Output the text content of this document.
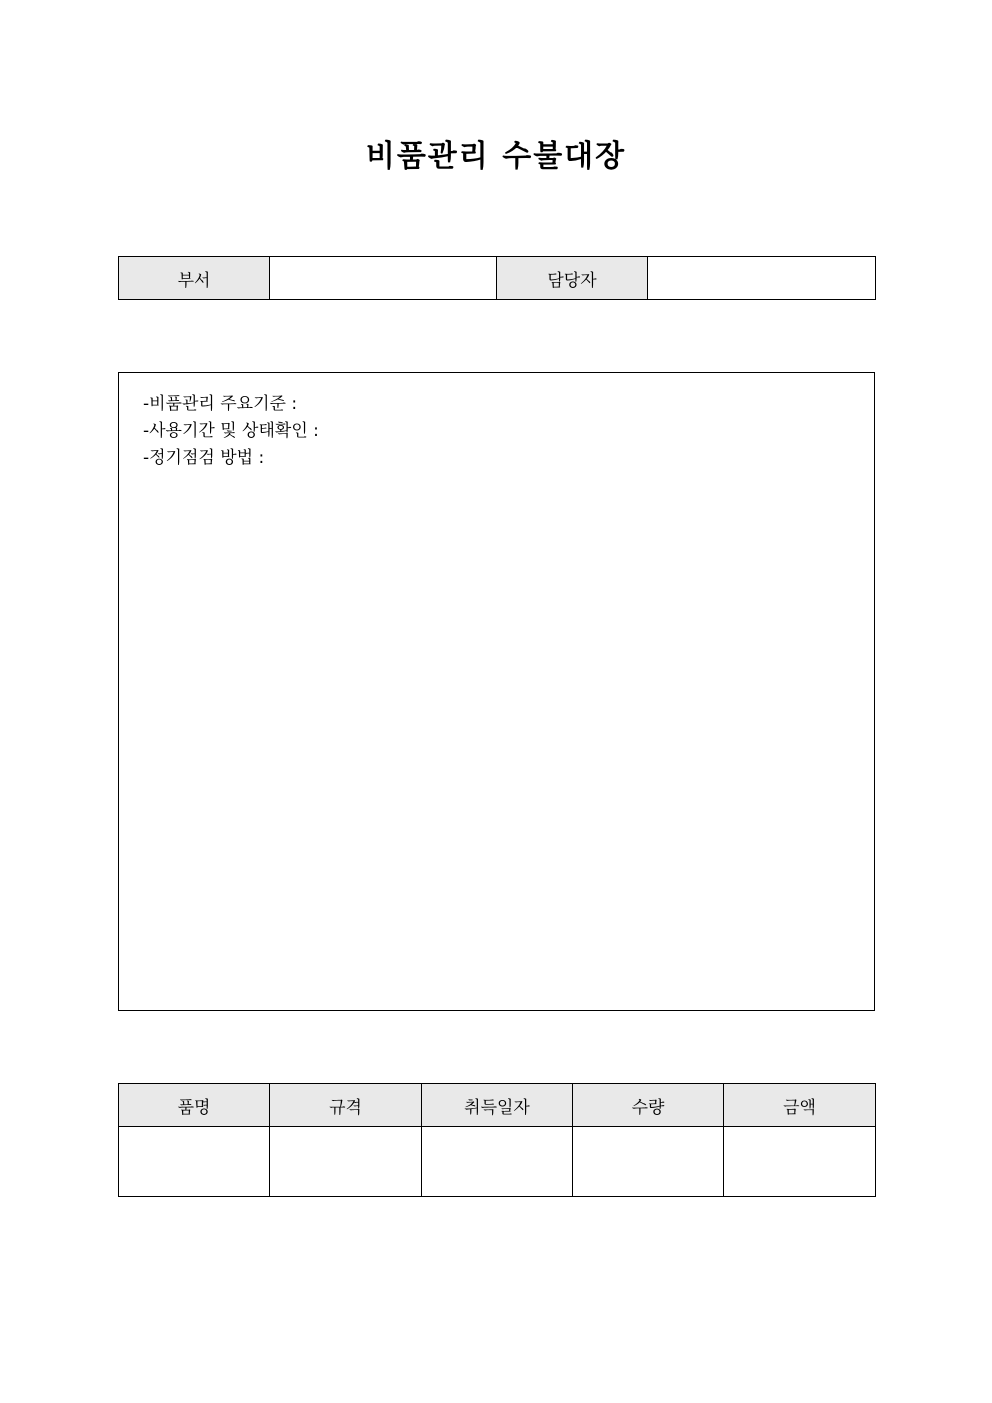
비품관리 수불대장
부서		담당자	
-비품관리 주요기준 :
-사용기간 및 상태확인 :
-정기점검 방법 :
품명	규격	취득일자	수량	금액
